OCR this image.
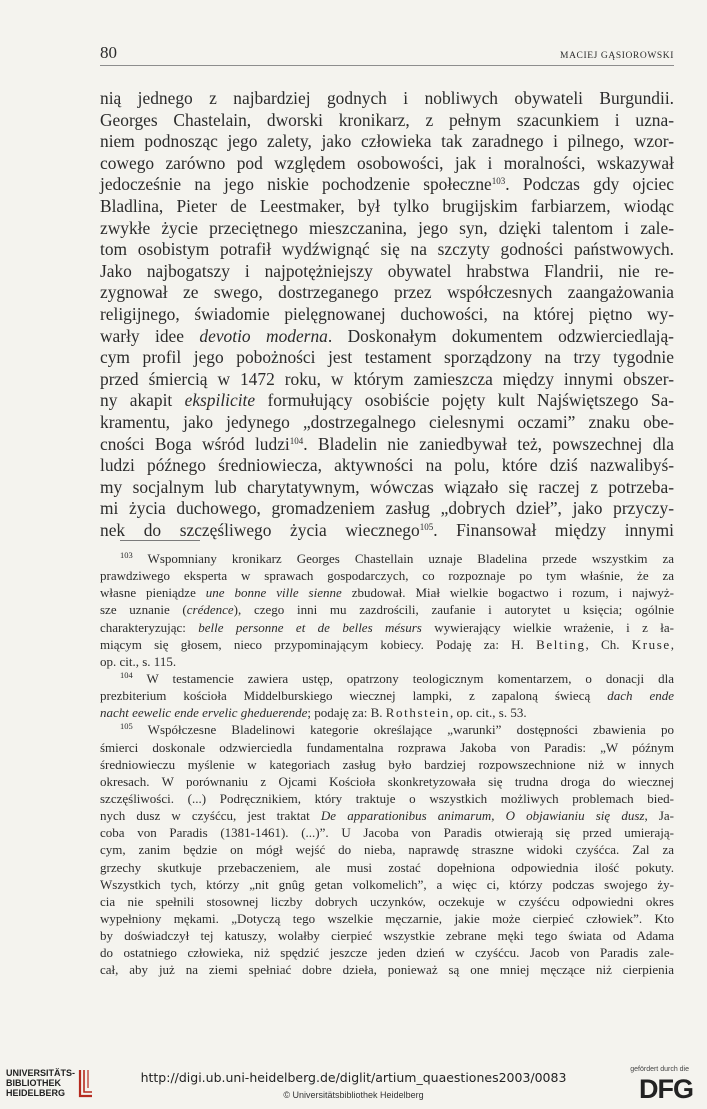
80	MACIEJ GĄSIOROWSKI
nią jednego z najbardziej godnych i nobliwych obywateli Burgundii.
Georges Chastelain, dworski kronikarz, z pełnym szacunkiem i uzna-
niem podnosząc jego zalety, jako człowieka tak zaradnego i pilnego, wzor-
cowego zarówno pod względem osobowości, jak i moralności, wskazywał
jedocześnie na jego niskie pochodzenie społeczne$^{103}$. Podczas gdy ojciec
Bladlina, Pieter de Leestmaker, był tylko brugijskim farbiarzem, wiodąc
zwykłe życie przeciętnego mieszczanina, jego syn, dzięki talentom i zale-
tom osobistym potrafił wydźwignąć się na szczyty godności państwowych.
Jako najbogatszy i najpotężniejszy obywatel hrabstwa Flandrii, nie re-
zygnował ze swego, dostrzeganego przez współczesnych zaangażowania
religijnego, świadomie pielęgnowanej duchowości, na której piętno wy-
warły idee devotio moderna. Doskonałym dokumentem odzwierciedlają-
cym profil jego pobożności jest testament sporządzony na trzy tygodnie
przed śmiercią w 1472 roku, w którym zamieszcza między innymi obszer-
ny akapit ekspilicite formułujący osobiście pojęty kult Najświętszego Sa-
kramentu, jako jedynego „dostrzegalnego cielesnymi oczami” znaku obe-
cności Boga wśród ludzi$^{104}$. Bladelin nie zaniedbywał też, powszechnej dla
ludzi późnego średniowiecza, aktywności na polu, które dziś nazwalibyś-
my socjalnym lub charytatywnym, wówczas wiązało się raczej z potrzeba-
mi życia duchowego, gromadzeniem zasług „dobrych dzieł”, jako przyczy-
nek do szczęśliwego życia wiecznego$^{105}$. Finansował między innymi
$^{103}$ Wspomniany kronikarz Georges Chastellain uznaje Bladelina przede wszystkim za
prawdziwego eksperta w sprawach gospodarczych, co rozpoznaje po tym właśnie, że za
własne pieniądze une bonne ville sienne zbudował. Miał wielkie bogactwo i rozum, i najwyż-
sze uznanie (crédence), czego inni mu zazdrościli, zaufanie i autorytet u księcia; ogólnie
charakteryzując: belle personne et de belles mésurs wywierający wielkie wrażenie, i z ła-
miącym się głosem, nieco przypominającym kobiecy. Podaję za: H. Belting, Ch. Kruse,
op. cit., s. 115.
$^{104}$ W testamencie zawiera ustęp, opatrzony teologicznym komentarzem, o donacji dla
prezbiterium kościoła Middelburskiego wiecznej lampki, z zapaloną świecą dach ende
nacht eewelic ende ervelic gheduerende; podaję za: B. Rothstein, op. cit., s. 53.
$^{105}$ Współczesne Bladelinowi kategorie określające „warunki” dostępności zbawienia po
śmierci doskonale odzwierciedla fundamentalna rozprawa Jakoba von Paradis: „W późnym
średniowieczu myślenie w kategoriach zasług było bardziej rozpowszechnione niż w innych
okresach. W porównaniu z Ojcami Kościoła skonkretyzowała się trudna droga do wiecznej
szczęśliwości. (...) Podręcznikiem, który traktuje o wszystkich możliwych problemach bied-
nych dusz w czyśćcu, jest traktat De apparationibus animarum, O objawianiu się dusz, Ja-
coba von Paradis (1381-1461). (...)”. U Jacoba von Paradis otwierają się przed umierają-
cym, zanim będzie on mógł wejść do nieba, naprawdę straszne widoki czyśćca. Zal za
grzechy skutkuje przebaczeniem, ale musi zostać dopełniona odpowiednia ilość pokuty.
Wszystkich tych, którzy „nit gnûg getan volkomelich”, a więc ci, którzy podczas swojego ży-
cia nie spełnili stosownej liczby dobrych uczynków, oczekuje w czyśćcu odpowiedni okres
wypełniony mękami. „Dotyczą tego wszelkie męczarnie, jakie może cierpieć człowiek”. Kto
by doświadczył tej katuszy, wolałby cierpieć wszystkie zebrane męki tego świata od Adama
do ostatniego człowieka, niż spędzić jeszcze jeden dzień w czyśćcu. Jacob von Paradis zale-
cał, aby już na ziemi spełniać dobre dzieła, ponieważ są one mniej męczące niż cierpienia
UNIVERSITÄTS-
BIBLIOTHEK
HEIDELBERG
http://digi.ub.uni-heidelberg.de/diglit/artium_quaestiones2003/0083
© Universitätsbibliothek Heidelberg
gefördert durch die
DFG
